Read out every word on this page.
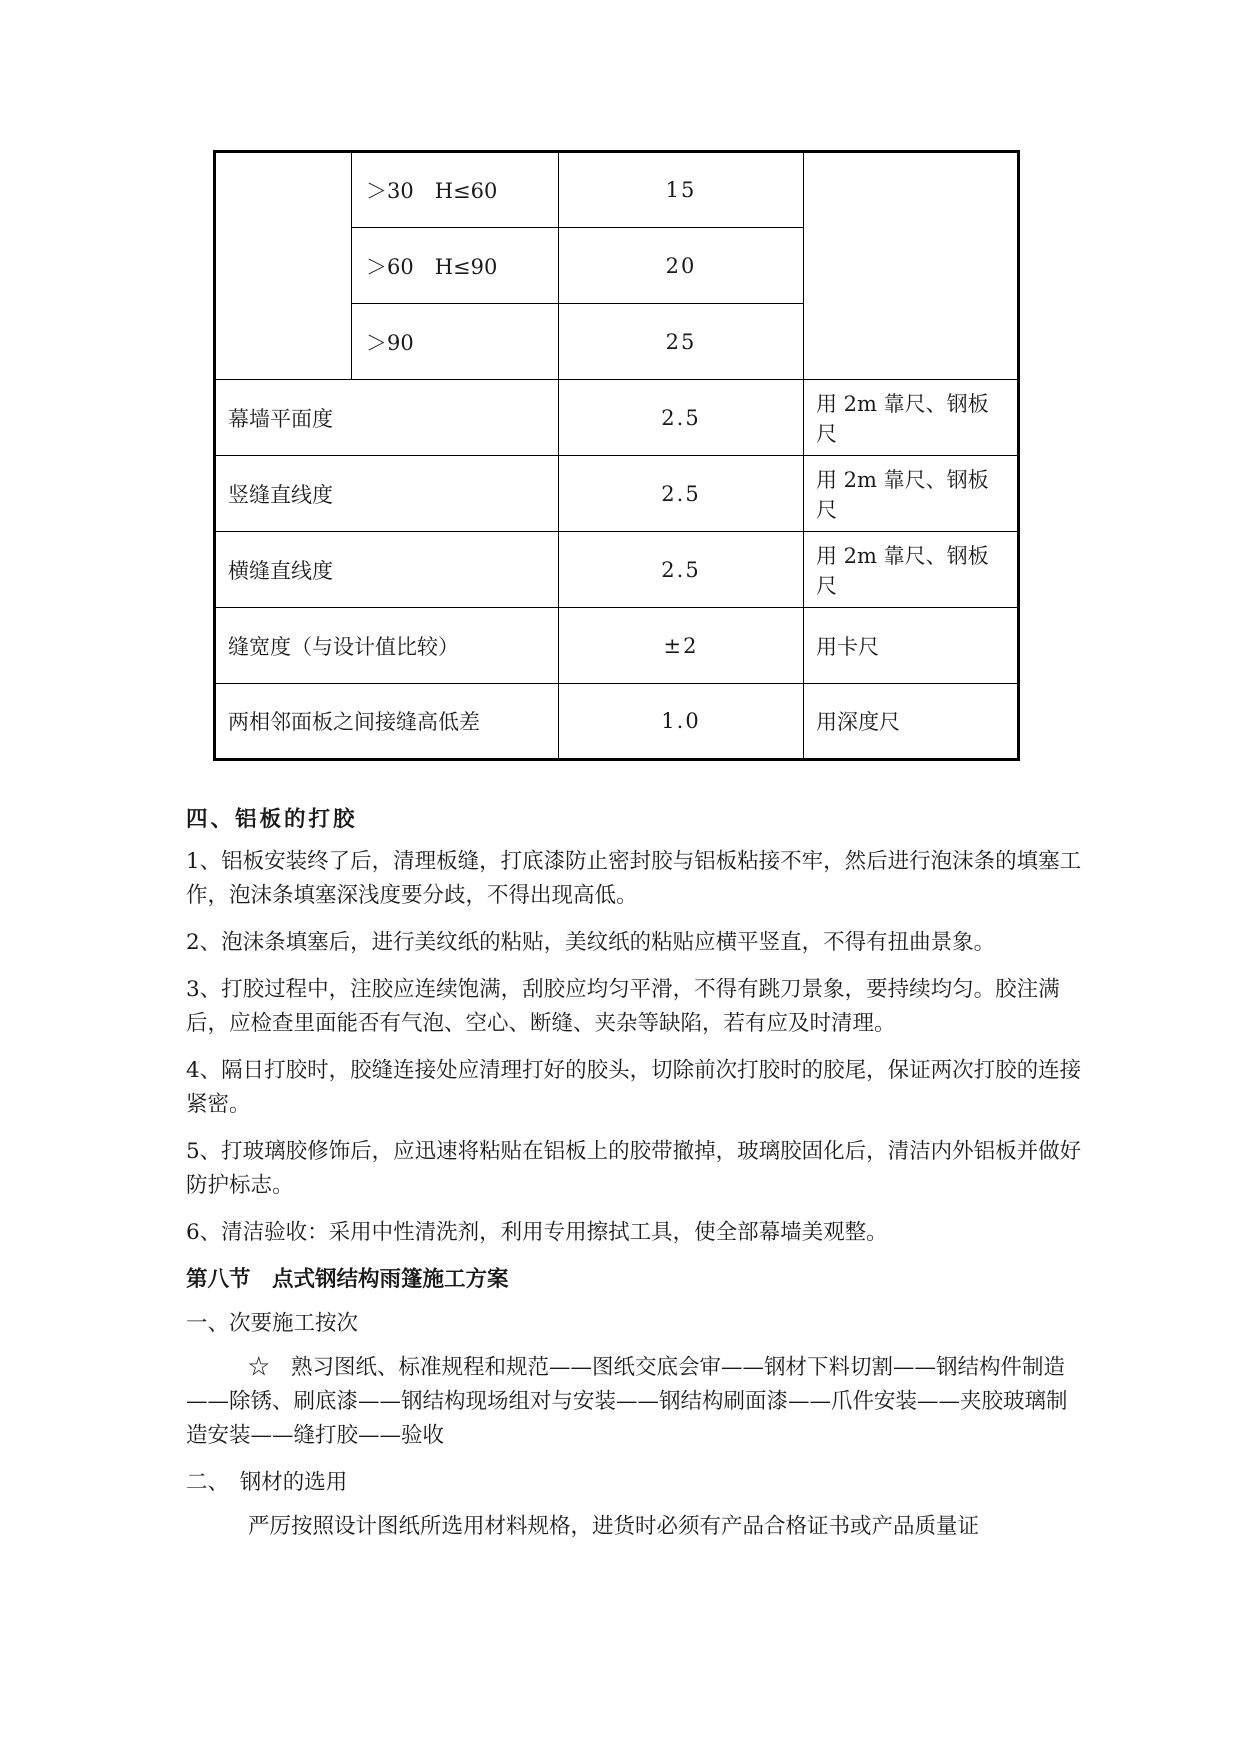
	＞30　H≤60	15	
	＞60　H≤90	20	
	＞90	25	
幕墙平面度		2.5	用 2m 靠尺、钢板尺
竖缝直线度		2.5	用 2m 靠尺、钢板尺
横缝直线度		2.5	用 2m 靠尺、钢板尺
缝宽度（与设计值比较）		±2	用卡尺
两相邻面板之间接缝高低差		1.0	用深度尺

四、铝板的打胶

1、铝板安装终了后，清理板缝，打底漆防止密封胶与铝板粘接不牢，然后进行泡沫条的填塞工作，泡沫条填塞深浅度要分歧，不得出现高低。

2、泡沫条填塞后，进行美纹纸的粘贴，美纹纸的粘贴应横平竖直，不得有扭曲景象。

3、打胶过程中，注胶应连续饱满，刮胶应均匀平滑，不得有跳刀景象，要持续均匀。胶注满后，应检查里面能否有气泡、空心、断缝、夹杂等缺陷，若有应及时清理。

4、隔日打胶时，胶缝连接处应清理打好的胶头，切除前次打胶时的胶尾，保证两次打胶的连接紧密。

5、打玻璃胶修饰后，应迅速将粘贴在铝板上的胶带撤掉，玻璃胶固化后，清洁内外铝板并做好防护标志。

6、清洁验收：采用中性清洗剂，利用专用擦拭工具，使全部幕墙美观整。

第八节　点式钢结构雨篷施工方案

一、次要施工按次

☆　熟习图纸、标准规程和规范——图纸交底会审——钢材下料切割——钢结构件制造——除锈、刷底漆——钢结构现场组对与安装——钢结构刷面漆——爪件安装——夹胶玻璃制造安装——缝打胶——验收

二、　钢材的选用

严厉按照设计图纸所选用材料规格，进货时必须有产品合格证书或产品质量证
